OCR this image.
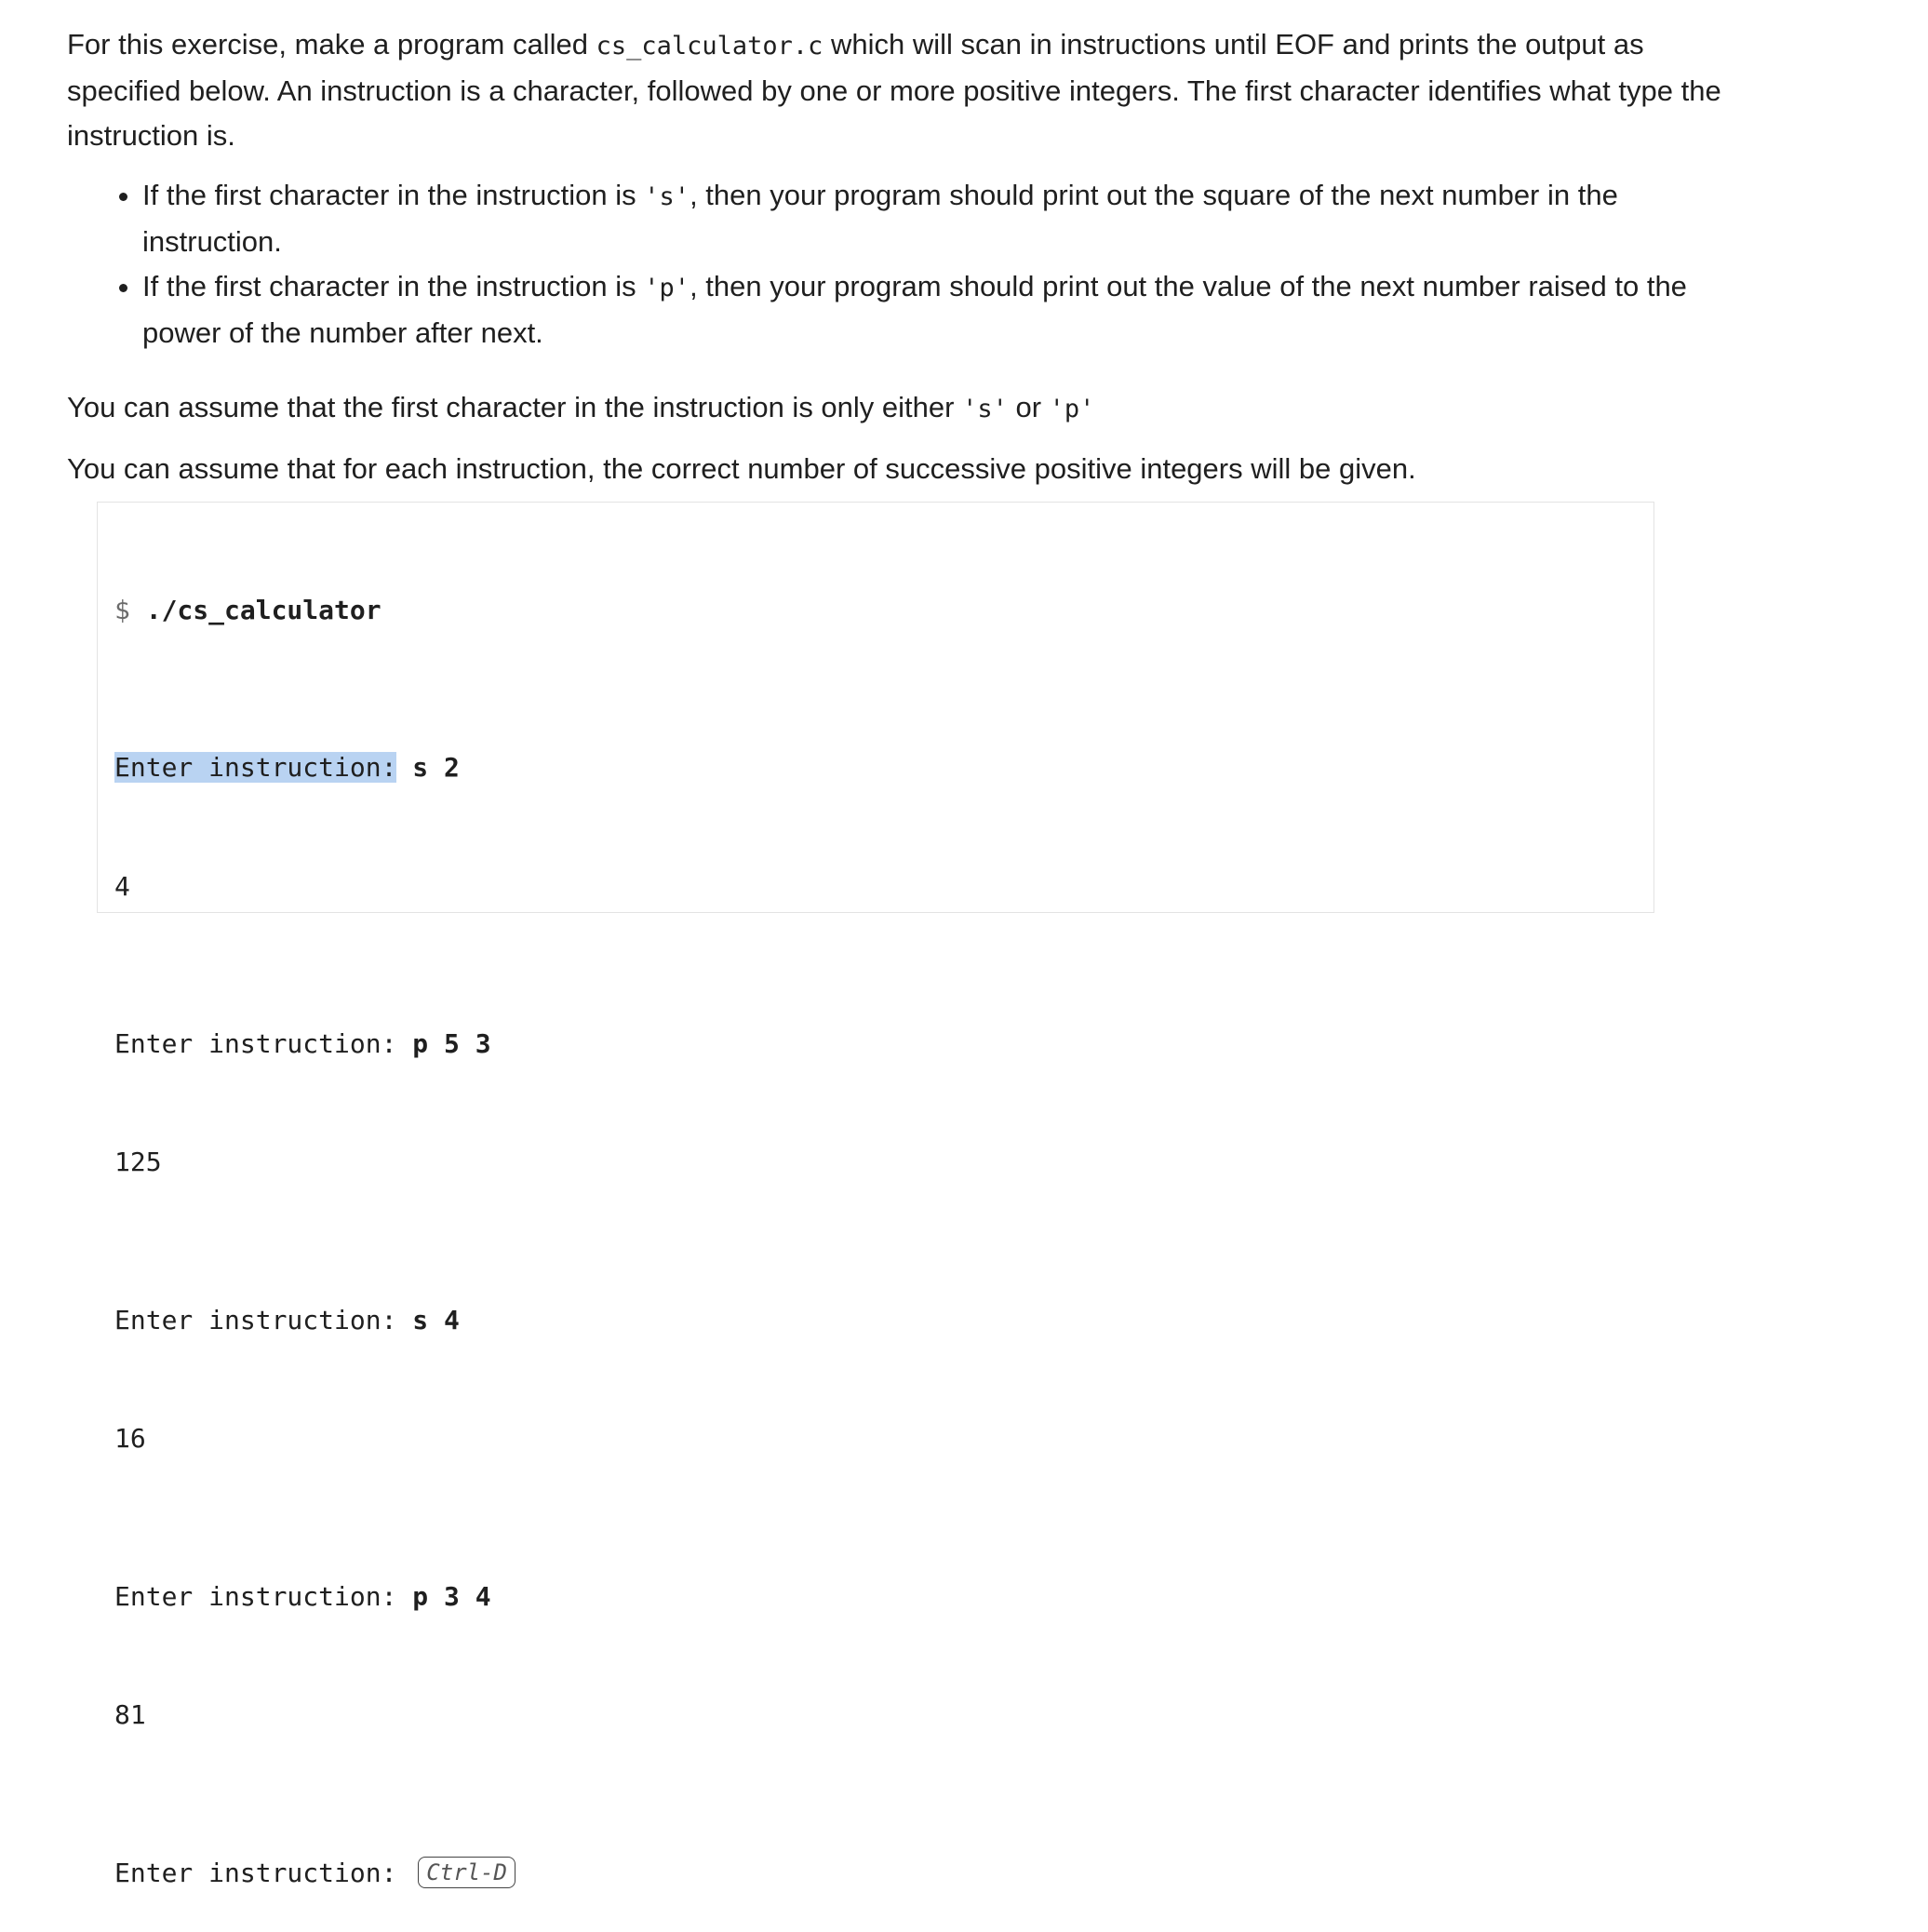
For this exercise, make a program called cs_calculator.c which will scan in instructions until EOF and prints the output as specified below. An instruction is a character, followed by one or more positive integers. The first character identifies what type the instruction is.

• If the first character in the instruction is 's', then your program should print out the square of the next number in the instruction.
• If the first character in the instruction is 'p', then your program should print out the value of the next number raised to the power of the number after next.

You can assume that the first character in the instruction is only either 's' or 'p'

You can assume that for each instruction, the correct number of successive positive integers will be given.

$ ./cs_calculator

Enter instruction: s 2

4

Enter instruction: p 5 3

125

Enter instruction: s 4

16

Enter instruction: p 3 4

81

Enter instruction: Ctrl-D
